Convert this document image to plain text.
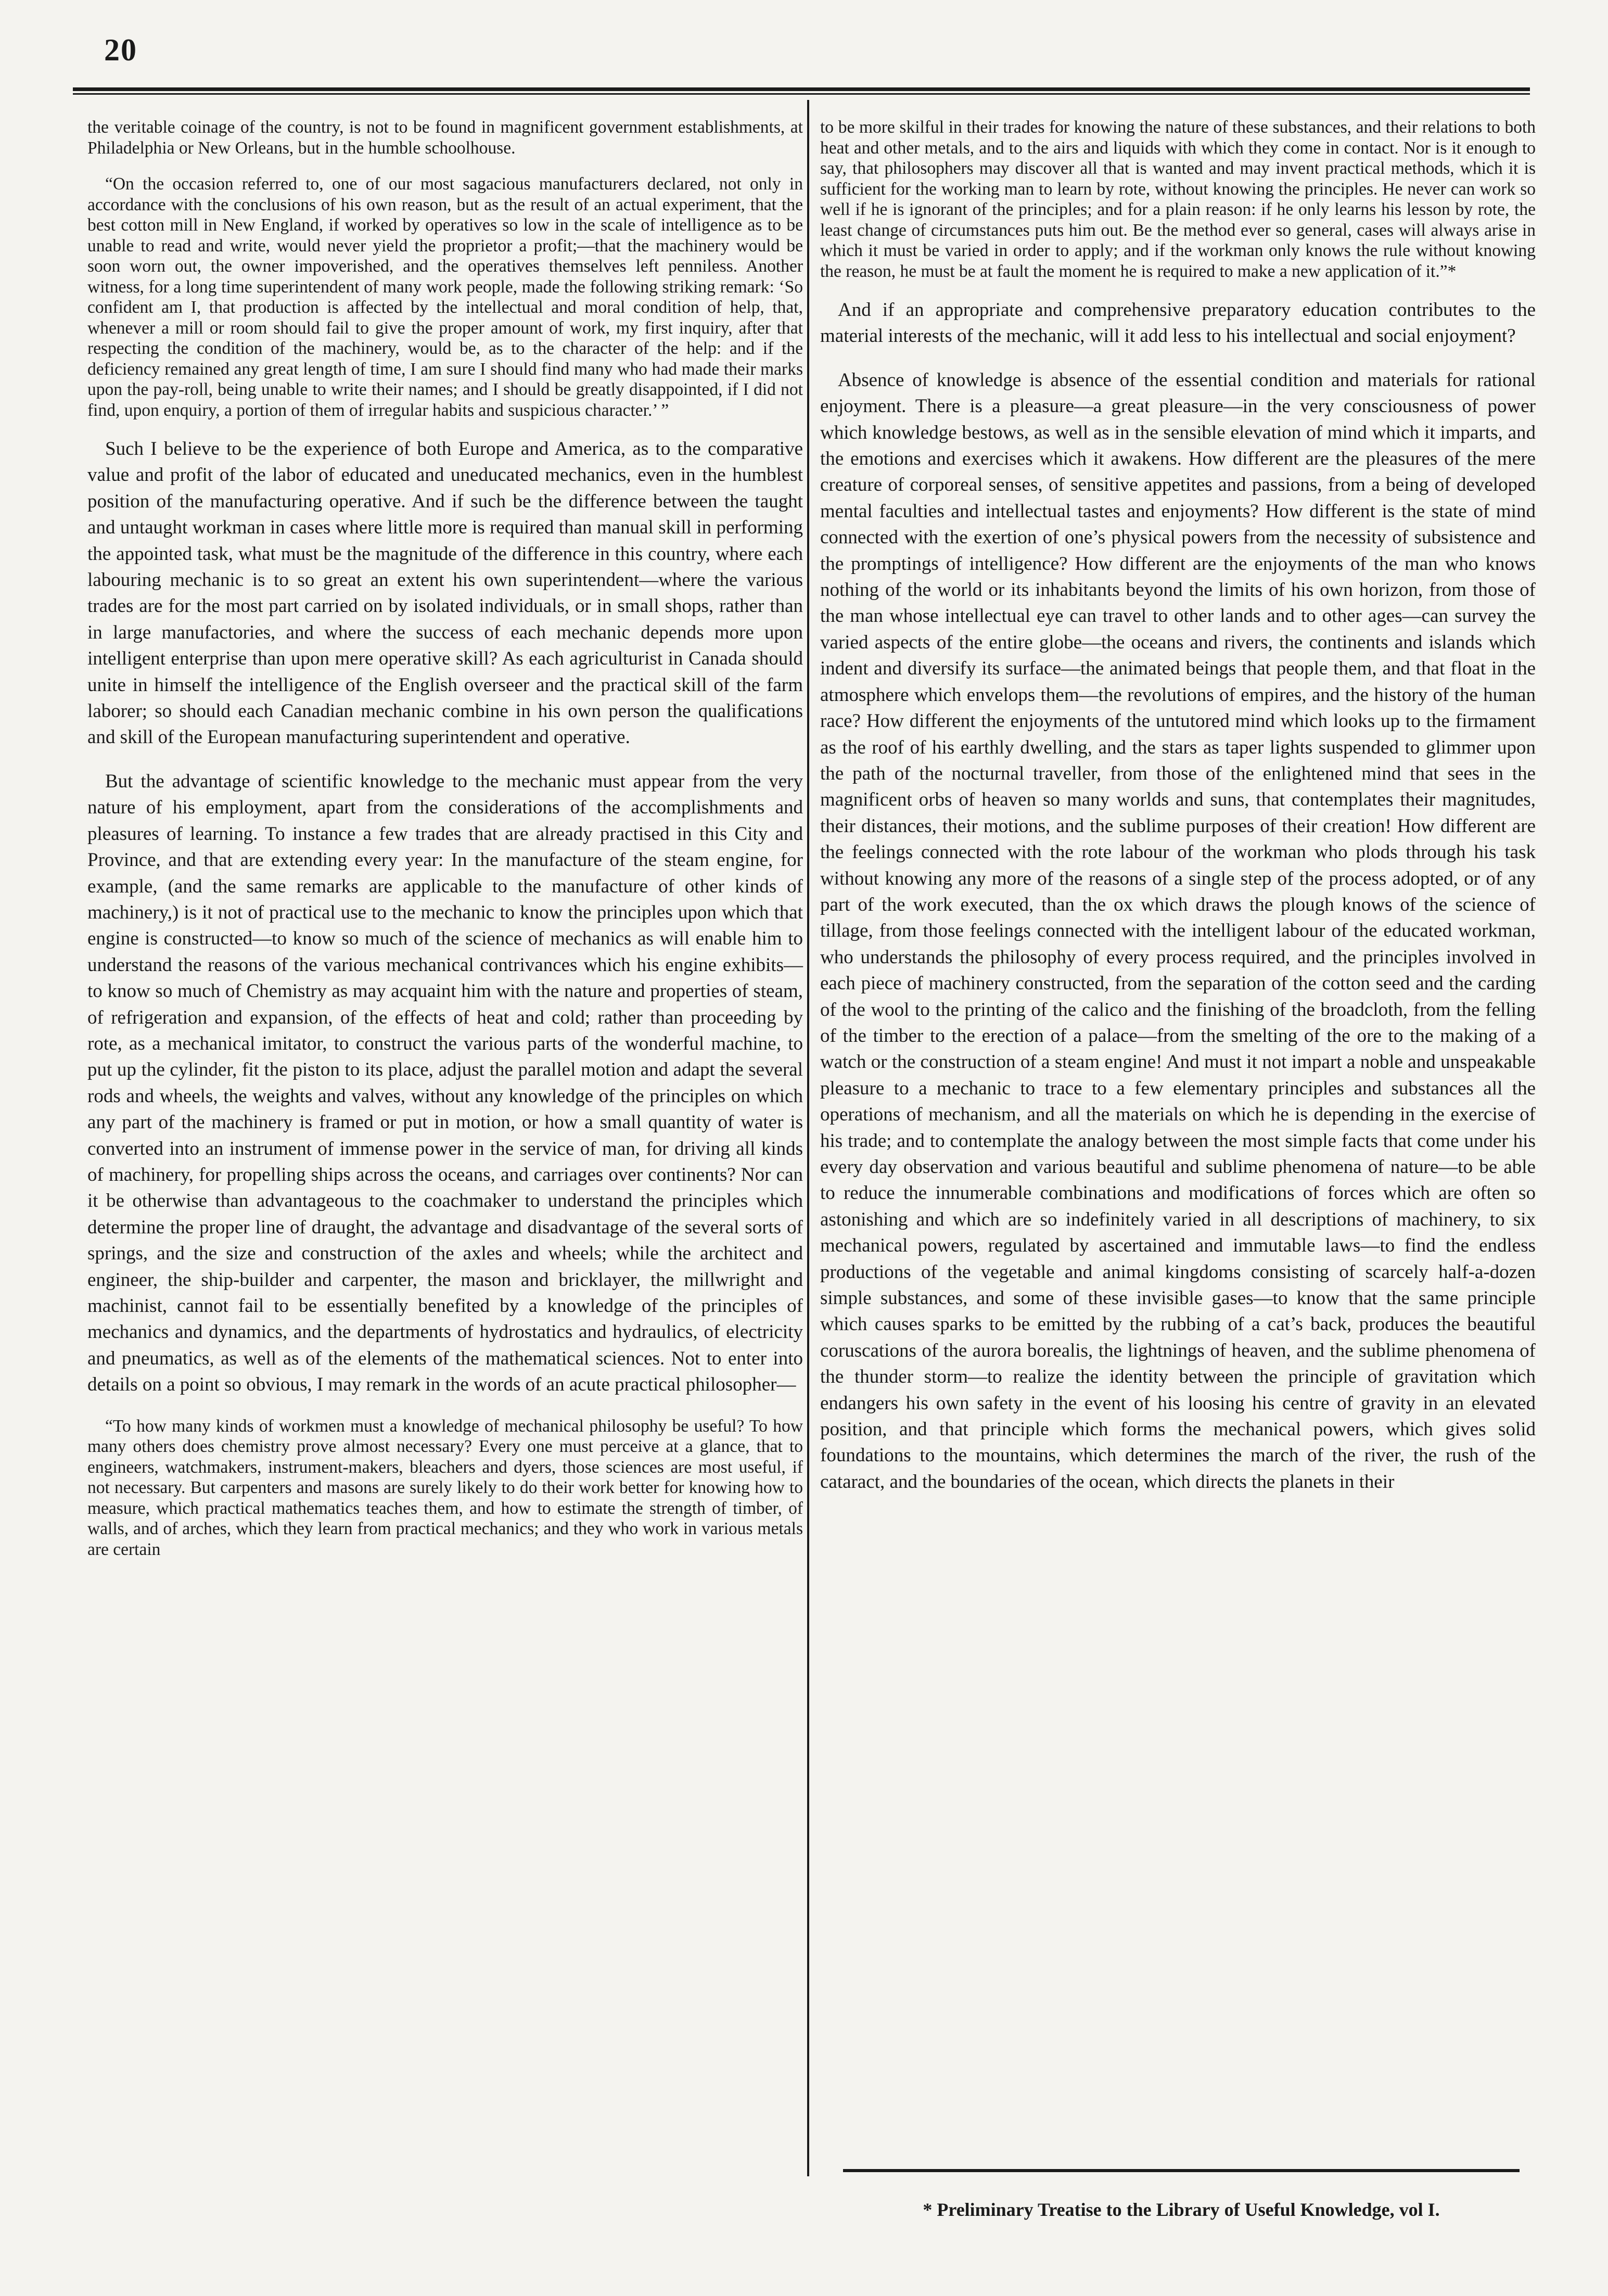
20

the veritable coinage of the country, is not to be found in magnificent government establishments, at Philadelphia or New Orleans, but in the humble schoolhouse.

“On the occasion referred to, one of our most sagacious manufacturers declared, not only in accordance with the conclusions of his own reason, but as the result of an actual experiment, that the best cotton mill in New England, if worked by operatives so low in the scale of intelligence as to be unable to read and write, would never yield the proprietor a profit;—that the machinery would be soon worn out, the owner impoverished, and the operatives themselves left penniless. Another witness, for a long time superintendent of many work people, made the following striking remark: ‘So confident am I, that production is affected by the intellectual and moral condition of help, that, whenever a mill or room should fail to give the proper amount of work, my first inquiry, after that respecting the condition of the machinery, would be, as to the character of the help: and if the deficiency remained any great length of time, I am sure I should find many who had made their marks upon the pay-roll, being unable to write their names; and I should be greatly disappointed, if I did not find, upon enquiry, a portion of them of irregular habits and suspicious character.’ ”

Such I believe to be the experience of both Europe and America, as to the comparative value and profit of the labor of educated and uneducated mechanics, even in the humblest position of the manufacturing operative. And if such be the difference between the taught and untaught workman in cases where little more is required than manual skill in performing the appointed task, what must be the magnitude of the difference in this country, where each labouring mechanic is to so great an extent his own superintendent—where the various trades are for the most part carried on by isolated individuals, or in small shops, rather than in large manufactories, and where the success of each mechanic depends more upon intelligent enterprise than upon mere operative skill? As each agriculturist in Canada should unite in himself the intelligence of the English overseer and the practical skill of the farm laborer; so should each Canadian mechanic combine in his own person the qualifications and skill of the European manufacturing superintendent and operative.

But the advantage of scientific knowledge to the mechanic must appear from the very nature of his employment, apart from the considerations of the accomplishments and pleasures of learning. To instance a few trades that are already practised in this City and Province, and that are extending every year: In the manufacture of the steam engine, for example, (and the same remarks are applicable to the manufacture of other kinds of machinery,) is it not of practical use to the mechanic to know the principles upon which that engine is constructed—to know so much of the science of mechanics as will enable him to understand the reasons of the various mechanical contrivances which his engine exhibits—to know so much of Chemistry as may acquaint him with the nature and properties of steam, of refrigeration and expansion, of the effects of heat and cold; rather than proceeding by rote, as a mechanical imitator, to construct the various parts of the wonderful machine, to put up the cylinder, fit the piston to its place, adjust the parallel motion and adapt the several rods and wheels, the weights and valves, without any knowledge of the principles on which any part of the machinery is framed or put in motion, or how a small quantity of water is converted into an instrument of immense power in the service of man, for driving all kinds of machinery, for propelling ships across the oceans, and carriages over continents? Nor can it be otherwise than advantageous to the coachmaker to understand the principles which determine the proper line of draught, the advantage and disadvantage of the several sorts of springs, and the size and construction of the axles and wheels; while the architect and engineer, the ship-builder and carpenter, the mason and bricklayer, the millwright and machinist, cannot fail to be essentially benefited by a knowledge of the principles of mechanics and dynamics, and the departments of hydrostatics and hydraulics, of electricity and pneumatics, as well as of the elements of the mathematical sciences. Not to enter into details on a point so obvious, I may remark in the words of an acute practical philosopher—

“To how many kinds of workmen must a knowledge of mechanical philosophy be useful? To how many others does chemistry prove almost necessary? Every one must perceive at a glance, that to engineers, watchmakers, instrument-makers, bleachers and dyers, those sciences are most useful, if not necessary. But carpenters and masons are surely likely to do their work better for knowing how to measure, which practical mathematics teaches them, and how to estimate the strength of timber, of walls, and of arches, which they learn from practical mechanics; and they who work in various metals are certain

to be more skilful in their trades for knowing the nature of these substances, and their relations to both heat and other metals, and to the airs and liquids with which they come in contact. Nor is it enough to say, that philosophers may discover all that is wanted and may invent practical methods, which it is sufficient for the working man to learn by rote, without knowing the principles. He never can work so well if he is ignorant of the principles; and for a plain reason: if he only learns his lesson by rote, the least change of circumstances puts him out. Be the method ever so general, cases will always arise in which it must be varied in order to apply; and if the workman only knows the rule without knowing the reason, he must be at fault the moment he is required to make a new application of it.”*

And if an appropriate and comprehensive preparatory education contributes to the material interests of the mechanic, will it add less to his intellectual and social enjoyment?

Absence of knowledge is absence of the essential condition and materials for rational enjoyment. There is a pleasure—a great pleasure—in the very consciousness of power which knowledge bestows, as well as in the sensible elevation of mind which it imparts, and the emotions and exercises which it awakens. How different are the pleasures of the mere creature of corporeal senses, of sensitive appetites and passions, from a being of developed mental faculties and intellectual tastes and enjoyments? How different is the state of mind connected with the exertion of one’s physical powers from the necessity of subsistence and the promptings of intelligence? How different are the enjoyments of the man who knows nothing of the world or its inhabitants beyond the limits of his own horizon, from those of the man whose intellectual eye can travel to other lands and to other ages—can survey the varied aspects of the entire globe—the oceans and rivers, the continents and islands which indent and diversify its surface—the animated beings that people them, and that float in the atmosphere which envelops them—the revolutions of empires, and the history of the human race? How different the enjoyments of the untutored mind which looks up to the firmament as the roof of his earthly dwelling, and the stars as taper lights suspended to glimmer upon the path of the nocturnal traveller, from those of the enlightened mind that sees in the magnificent orbs of heaven so many worlds and suns, that contemplates their magnitudes, their distances, their motions, and the sublime purposes of their creation! How different are the feelings connected with the rote labour of the workman who plods through his task without knowing any more of the reasons of a single step of the process adopted, or of any part of the work executed, than the ox which draws the plough knows of the science of tillage, from those feelings connected with the intelligent labour of the educated workman, who understands the philosophy of every process required, and the principles involved in each piece of machinery constructed, from the separation of the cotton seed and the carding of the wool to the printing of the calico and the finishing of the broadcloth, from the felling of the timber to the erection of a palace—from the smelting of the ore to the making of a watch or the construction of a steam engine! And must it not impart a noble and unspeakable pleasure to a mechanic to trace to a few elementary principles and substances all the operations of mechanism, and all the materials on which he is depending in the exercise of his trade; and to contemplate the analogy between the most simple facts that come under his every day observation and various beautiful and sublime phenomena of nature—to be able to reduce the innumerable combinations and modifications of forces which are often so astonishing and which are so indefinitely varied in all descriptions of machinery, to six mechanical powers, regulated by ascertained and immutable laws—to find the endless productions of the vegetable and animal kingdoms consisting of scarcely half-a-dozen simple substances, and some of these invisible gases—to know that the same principle which causes sparks to be emitted by the rubbing of a cat’s back, produces the beautiful coruscations of the aurora borealis, the lightnings of heaven, and the sublime phenomena of the thunder storm—to realize the identity between the principle of gravitation which endangers his own safety in the event of his loosing his centre of gravity in an elevated position, and that principle which forms the mechanical powers, which gives solid foundations to the mountains, which determines the march of the river, the rush of the cataract, and the boundaries of the ocean, which directs the planets in their

* Preliminary Treatise to the Library of Useful Knowledge, vol I.
